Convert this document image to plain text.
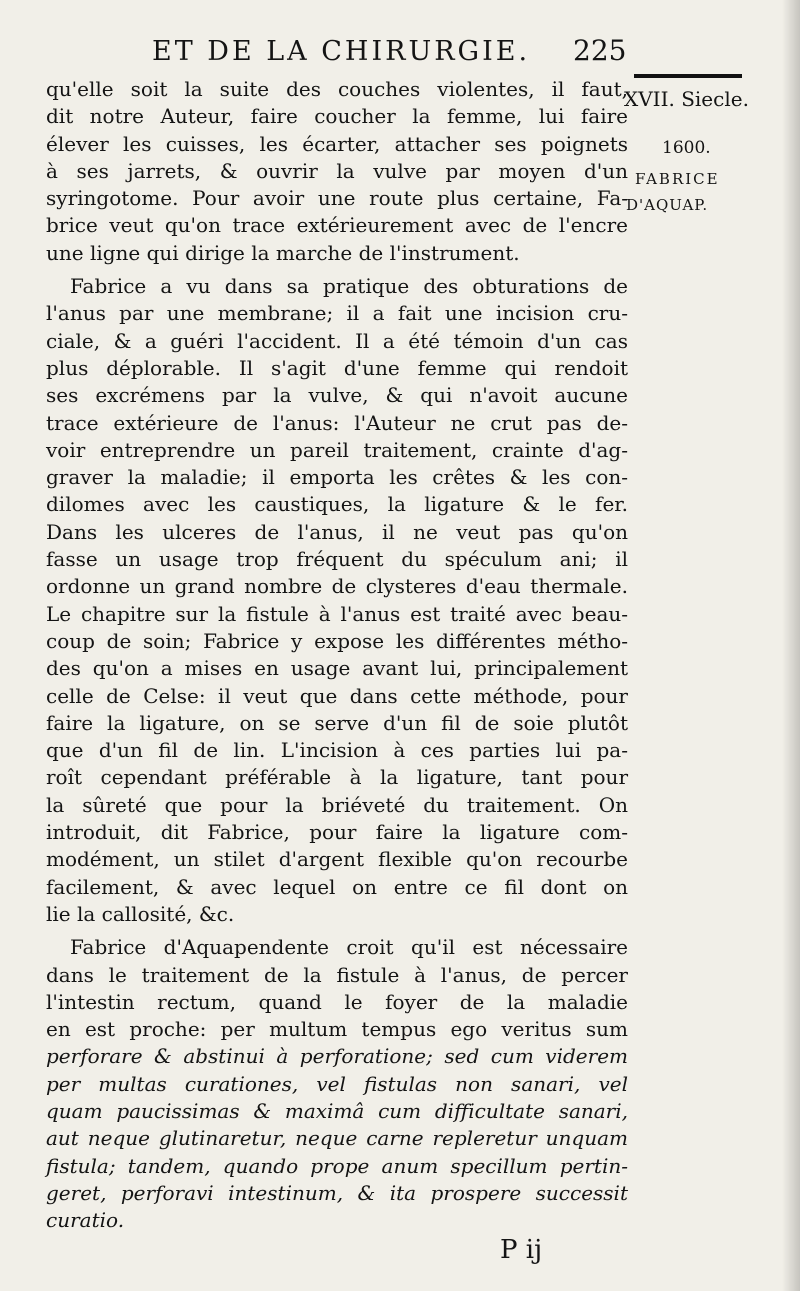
ET DE LA CHIRURGIE. 225
XVII. Siecle.
1600.
FABRICE
D'AQUAP.
qu'elle soit la suite des couches violentes, il faut,
dit notre Auteur, faire coucher la femme, lui faire
élever les cuisses, les écarter, attacher ses poignets
à ses jarrets, & ouvrir la vulve par moyen d'un
syringotome. Pour avoir une route plus certaine, Fa-
brice veut qu'on trace extérieurement avec de l'encre
une ligne qui dirige la marche de l'instrument.
Fabrice a vu dans sa pratique des obturations de
l'anus par une membrane; il a fait une incision cru-
ciale, & a guéri l'accident. Il a été témoin d'un cas
plus déplorable. Il s'agit d'une femme qui rendoit
ses excrémens par la vulve, & qui n'avoit aucune
trace extérieure de l'anus: l'Auteur ne crut pas de-
voir entreprendre un pareil traitement, crainte d'ag-
graver la maladie; il emporta les crêtes & les con-
dilomes avec les caustiques, la ligature & le fer.
Dans les ulceres de l'anus, il ne veut pas qu'on
fasse un usage trop fréquent du spéculum ani; il
ordonne un grand nombre de clysteres d'eau thermale.
Le chapitre sur la fistule à l'anus est traité avec beau-
coup de soin; Fabrice y expose les différentes métho-
des qu'on a mises en usage avant lui, principalement
celle de Celse: il veut que dans cette méthode, pour
faire la ligature, on se serve d'un fil de soie plutôt
que d'un fil de lin. L'incision à ces parties lui pa-
roît cependant préférable à la ligature, tant pour
la sûreté que pour la briéveté du traitement. On
introduit, dit Fabrice, pour faire la ligature com-
modément, un stilet d'argent flexible qu'on recourbe
facilement, & avec lequel on entre ce fil dont on
lie la callosité, &c.
Fabrice d'Aquapendente croit qu'il est nécessaire
dans le traitement de la fistule à l'anus, de percer
l'intestin rectum, quand le foyer de la maladie
en est proche: per multum tempus ego veritus sum
perforare & abstinui à perforatione; sed cum viderem
per multas curationes, vel fistulas non sanari, vel
quam paucissimas & maximâ cum difficultate sanari,
aut neque glutinaretur, neque carne repleretur unquam
fistula; tandem, quando prope anum specillum pertin-
geret, perforavi intestinum, & ita prospere successit
curatio.
P ij
